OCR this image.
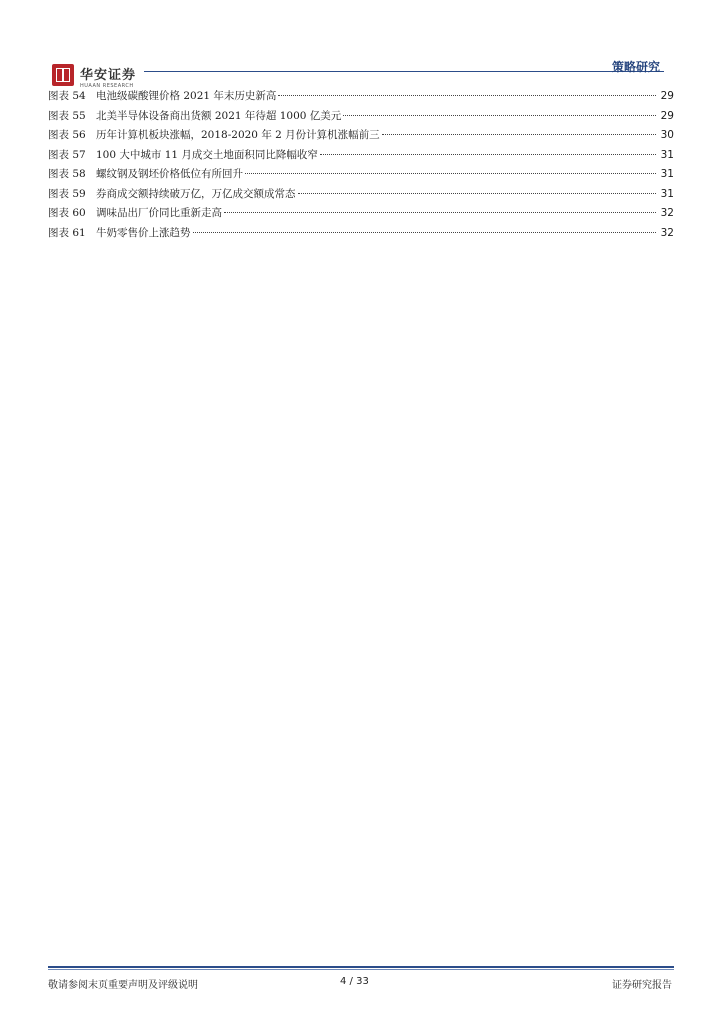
华安证券
HUAAN RESEARCH
策略研究
图表 54 电池级碳酸锂价格 2021 年末历史新高	29
图表 55 北美半导体设备商出货额 2021 年待超 1000 亿美元	29
图表 56 历年计算机板块涨幅，2018-2020 年 2 月份计算机涨幅前三	30
图表 57 100 大中城市 11 月成交土地面积同比降幅收窄	31
图表 58 螺纹钢及钢坯价格低位有所回升	31
图表 59 券商成交额持续破万亿，万亿成交额成常态	31
图表 60 调味品出厂价同比重新走高	32
图表 61 牛奶零售价上涨趋势	32
敬请参阅末页重要声明及评级说明	4 / 33	证券研究报告
